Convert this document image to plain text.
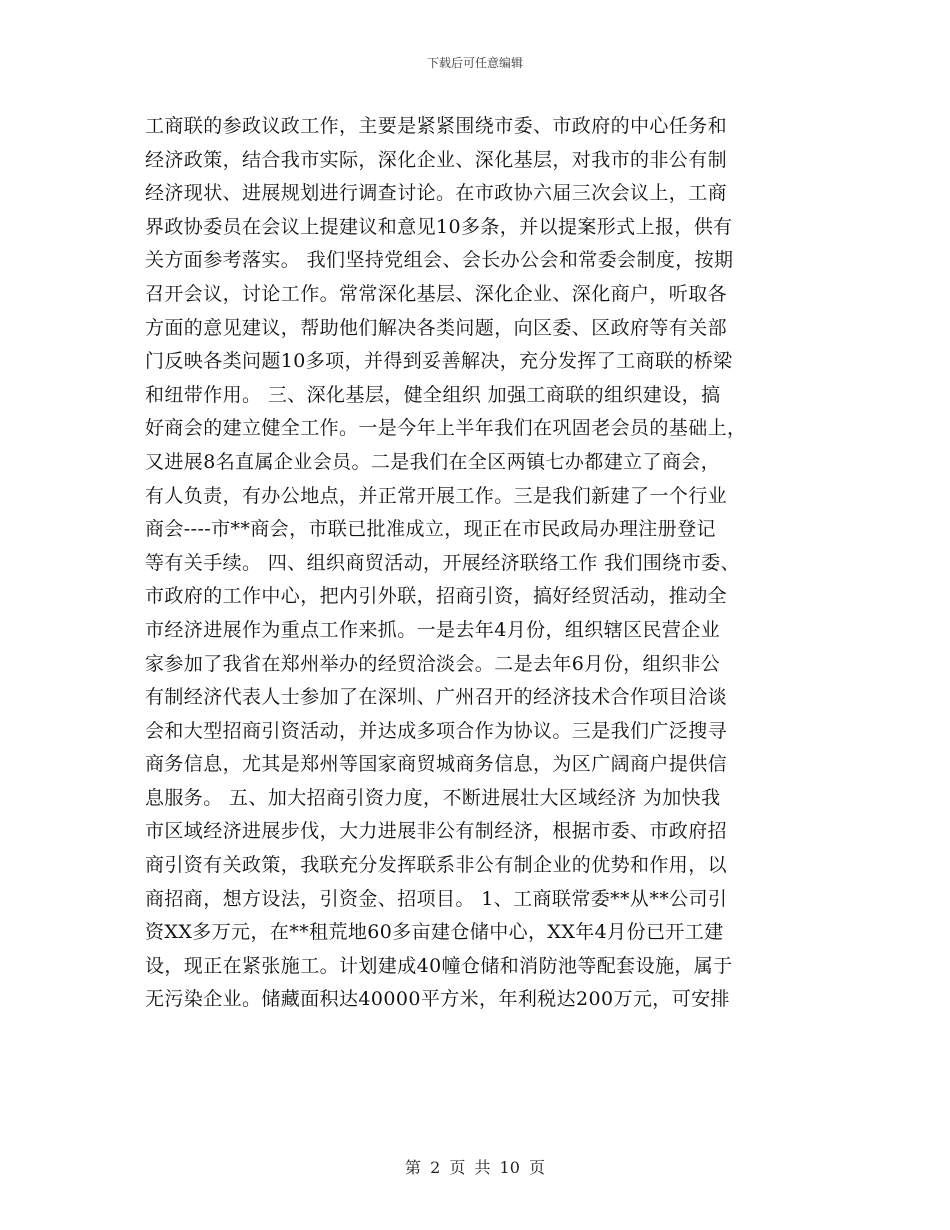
下载后可任意编辑
工商联的参政议政工作，主要是紧紧围绕市委、市政府的中心任务和
经济政策，结合我市实际，深化企业、深化基层，对我市的非公有制
经济现状、进展规划进行调查讨论。在市政协六届三次会议上，工商
界政协委员在会议上提建议和意见10多条，并以提案形式上报，供有
关方面参考落实。 我们坚持党组会、会长办公会和常委会制度，按期
召开会议，讨论工作。常常深化基层、深化企业、深化商户，听取各
方面的意见建议，帮助他们解决各类问题，向区委、区政府等有关部
门反映各类问题10多项，并得到妥善解决，充分发挥了工商联的桥梁
和纽带作用。 三、深化基层，健全组织 加强工商联的组织建设，搞
好商会的建立健全工作。一是今年上半年我们在巩固老会员的基础上，
又进展8名直属企业会员。二是我们在全区两镇七办都建立了商会，
有人负责，有办公地点，并正常开展工作。三是我们新建了一个行业
商会----市**商会，市联已批准成立，现正在市民政局办理注册登记
等有关手续。 四、组织商贸活动，开展经济联络工作 我们围绕市委、
市政府的工作中心，把内引外联，招商引资，搞好经贸活动，推动全
市经济进展作为重点工作来抓。一是去年4月份，组织辖区民营企业
家参加了我省在郑州举办的经贸洽淡会。二是去年6月份，组织非公
有制经济代表人士参加了在深圳、广州召开的经济技术合作项目洽谈
会和大型招商引资活动，并达成多项合作为协议。三是我们广泛搜寻
商务信息，尤其是郑州等国家商贸城商务信息，为区广阔商户提供信
息服务。 五、加大招商引资力度，不断进展壮大区域经济 为加快我
市区域经济进展步伐，大力进展非公有制经济，根据市委、市政府招
商引资有关政策，我联充分发挥联系非公有制企业的优势和作用，以
商招商，想方设法，引资金、招项目。 1、工商联常委**从**公司引
资XX多万元，在**租荒地60多亩建仓储中心，XX年4月份已开工建
设，现正在紧张施工。计划建成40幢仓储和消防池等配套设施，属于
无污染企业。储藏面积达40000平方米，年利税达200万元，可安排
第 2 页 共 10 页
